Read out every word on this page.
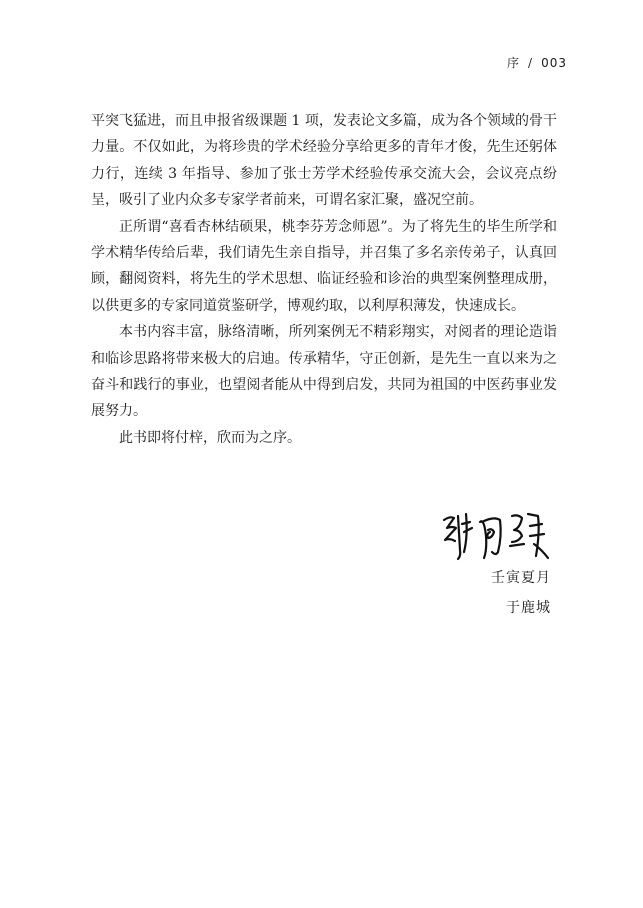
序 / 003

平突飞猛进，而且申报省级课题 1 项，发表论文多篇，成为各个领域的骨干力量。不仅如此，为将珍贵的学术经验分享给更多的青年才俊，先生还躬体力行，连续 3 年指导、参加了张士芳学术经验传承交流大会，会议亮点纷呈，吸引了业内众多专家学者前来，可谓名家汇聚，盛况空前。

正所谓“喜看杏林结硕果，桃李芬芳念师恩”。为了将先生的毕生所学和学术精华传给后辈，我们请先生亲自指导，并召集了多名亲传弟子，认真回顾，翻阅资料，将先生的学术思想、临证经验和诊治的典型案例整理成册，以供更多的专家同道赏鉴研学，博观约取，以利厚积薄发，快速成长。

本书内容丰富，脉络清晰，所列案例无不精彩翔实，对阅者的理论造诣和临诊思路将带来极大的启迪。传承精华，守正创新，是先生一直以来为之奋斗和践行的事业，也望阅者能从中得到启发，共同为祖国的中医药事业发展努力。

此书即将付梓，欣而为之序。

壬寅夏月
于鹿城
